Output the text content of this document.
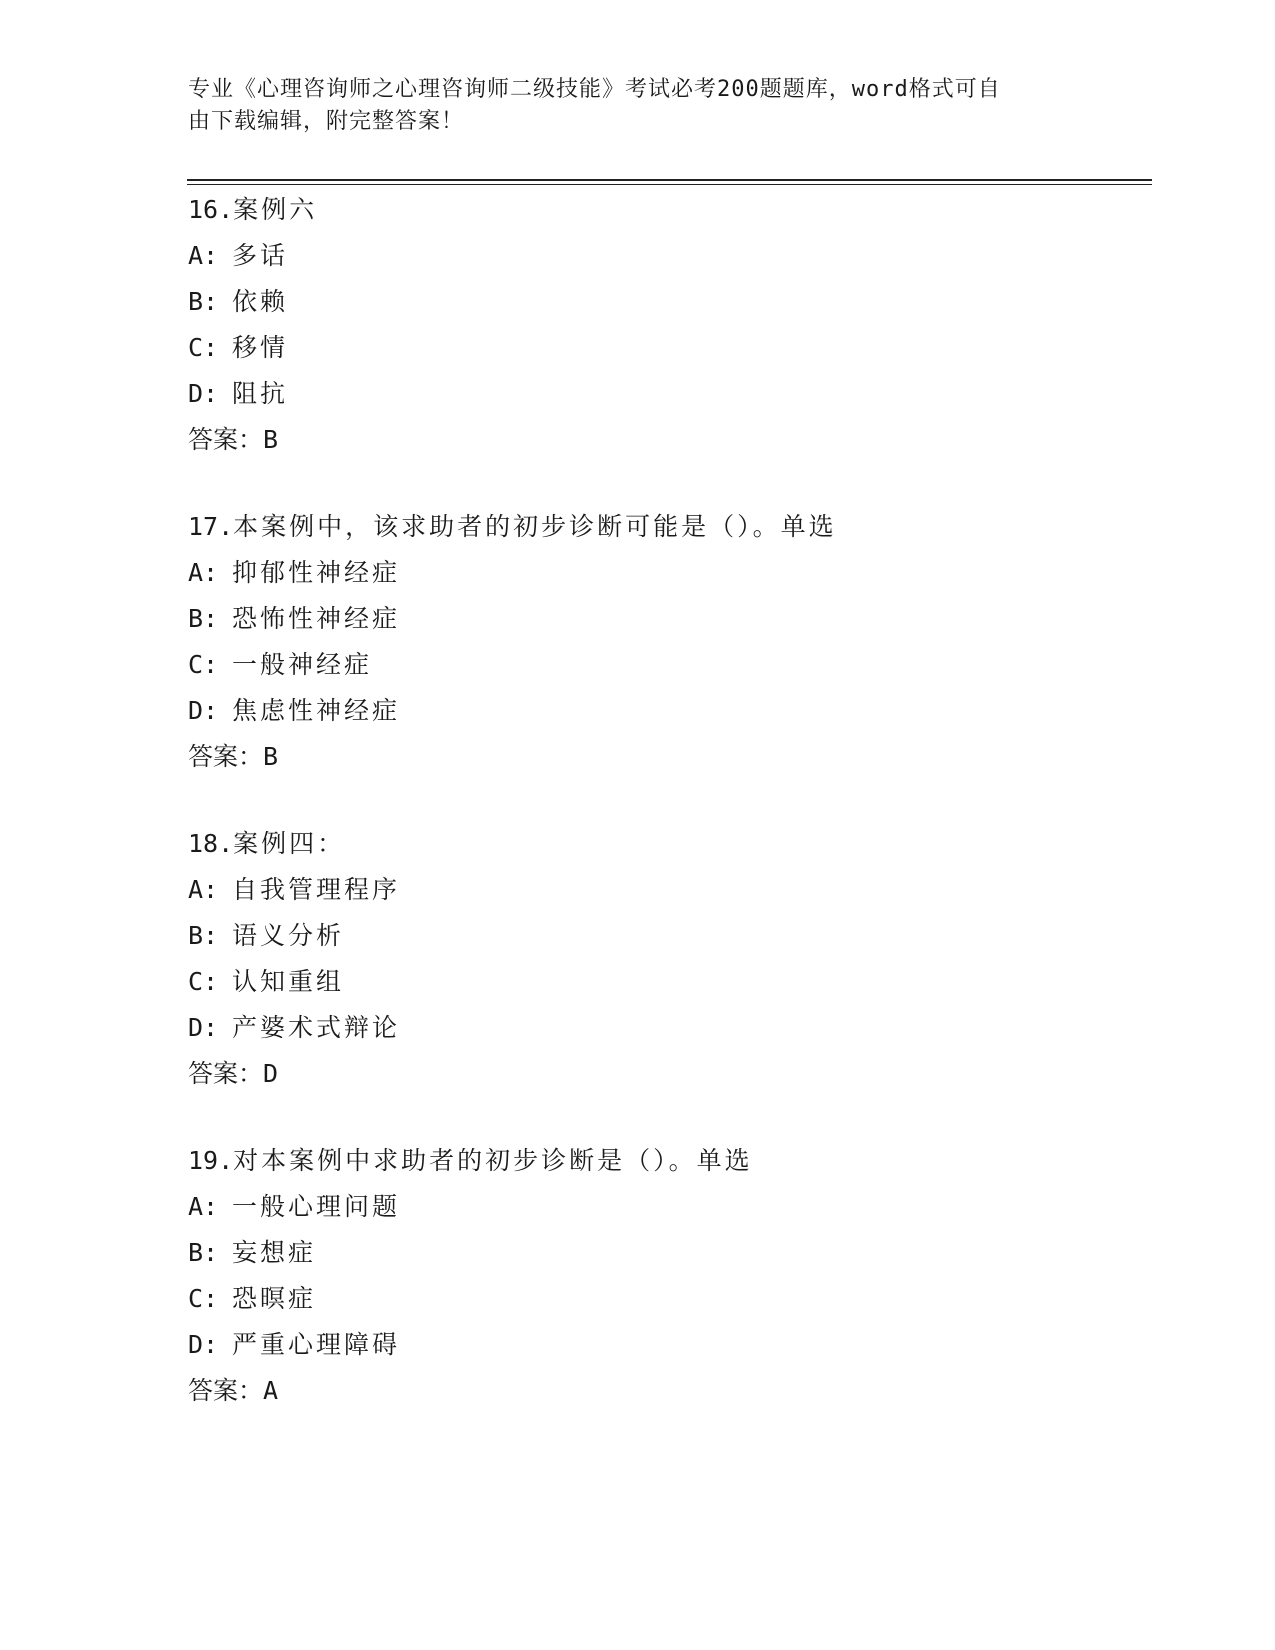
专业《心理咨询师之心理咨询师二级技能》考试必考200题题库，word格式可自
由下载编辑，附完整答案！
16.案例六
A: 多话
B: 依赖
C: 移情
D: 阻抗
答案：B
17.本案例中，该求助者的初步诊断可能是（）。单选
A: 抑郁性神经症
B: 恐怖性神经症
C: 一般神经症
D: 焦虑性神经症
答案：B
18.案例四：
A: 自我管理程序
B: 语义分析
C: 认知重组
D: 产婆术式辩论
答案：D
19.对本案例中求助者的初步诊断是（）。单选
A: 一般心理问题
B: 妄想症
C: 恐暝症
D: 严重心理障碍
答案：A
